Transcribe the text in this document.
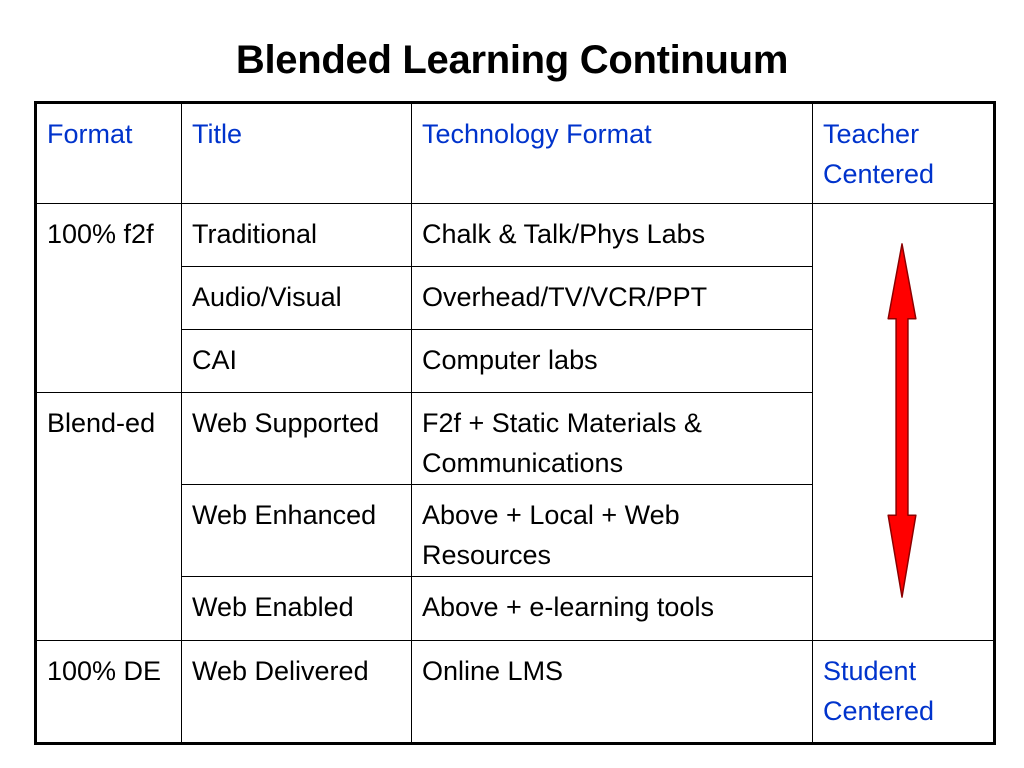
Blended Learning Continuum
Format	Title	Technology Format	Teacher Centered
100% f2f	Traditional	Chalk & Talk/Phys Labs	

	Audio/Visual	Overhead/TV/VCR/PPT	
	CAI	Computer labs	
Blend-ed	Web Supported	F2f + Static Materials & Communications	
	Web Enhanced	Above + Local + Web Resources	
	Web Enabled	Above + e-learning tools	
100% DE	Web Delivered	Online LMS	Student Centered
